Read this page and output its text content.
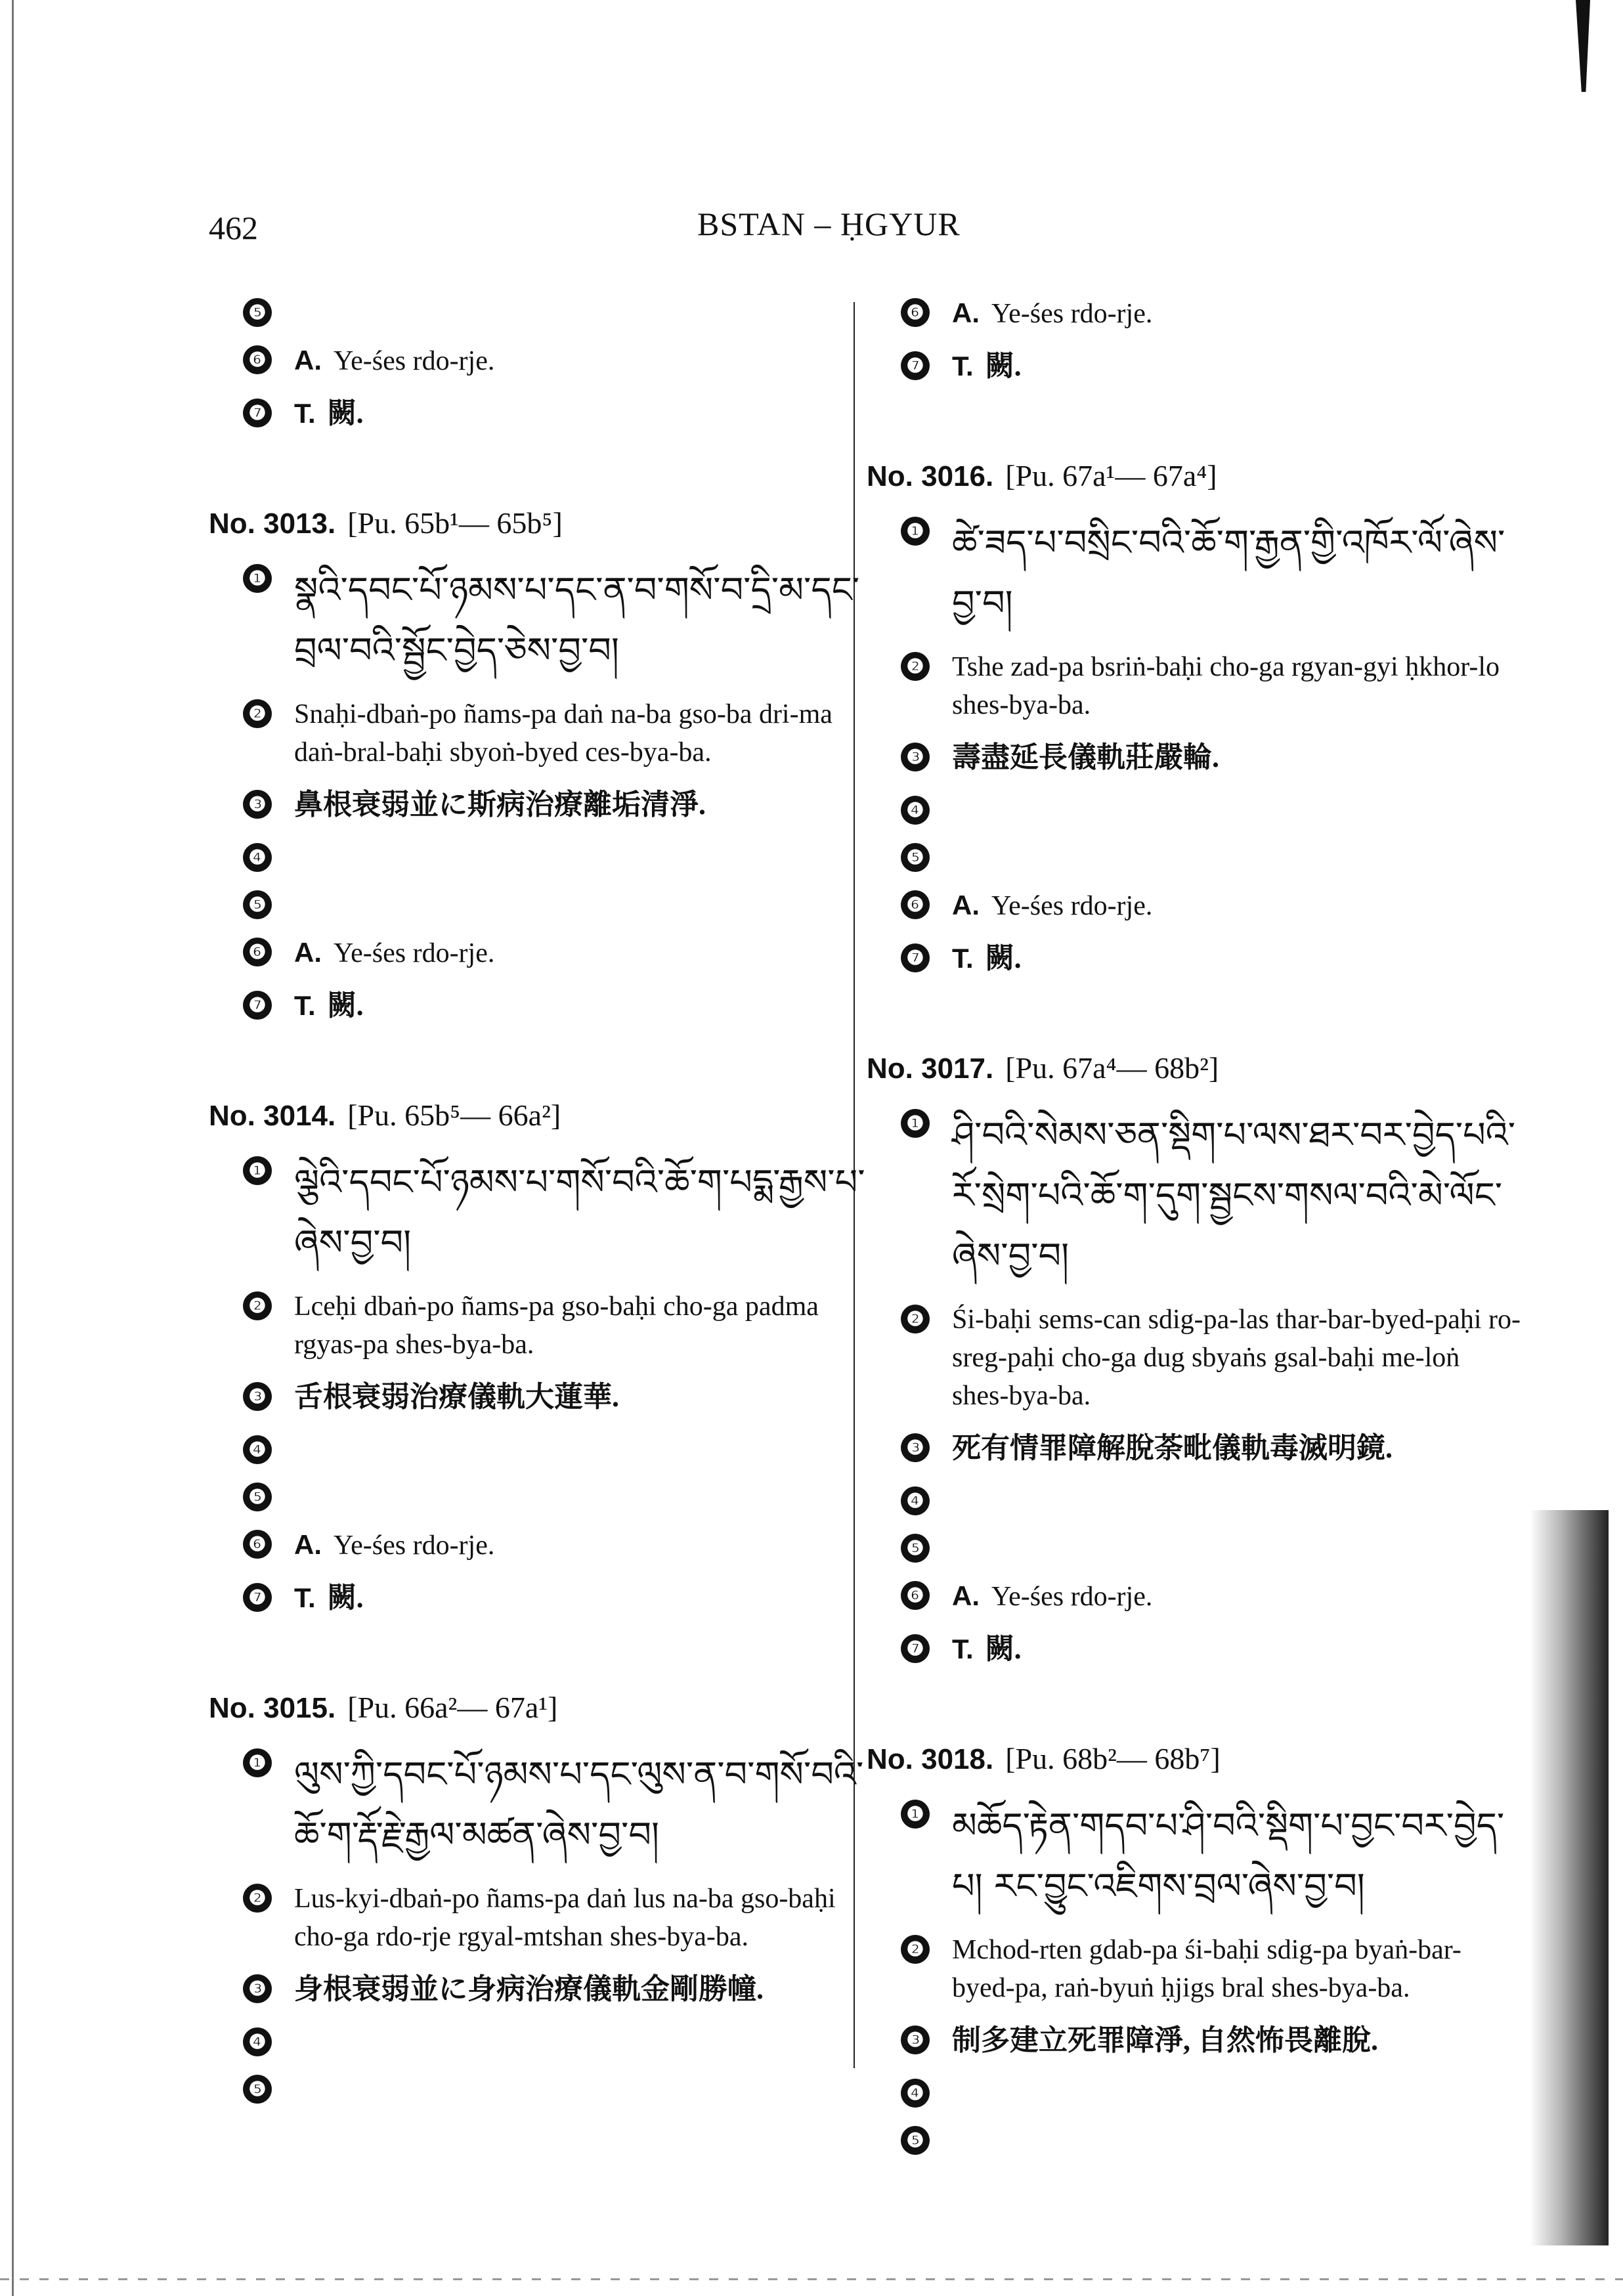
462	BSTAN – ḤGYUR
❺
❻ A. Ye-śes rdo-rje.
❼ T. 闕.
No. 3013. [Pu. 65b¹— 65b⁵]
❶ སྣའི་དབང་པོ་ཉམས་པ་དང་ན་བ་གསོ་བ་དྲི་མ་དང་བྲལ་བའི་སྦྱོང་བྱེད་ཅེས་བྱ་བ།
❷ Snaḥi-dbaṅ-po ñams-pa daṅ na-ba gso-ba dri-ma daṅ-bral-baḥi sbyoṅ-byed ces-bya-ba.
❸ 鼻根衰弱並に斯病治療離垢清淨.
❹
❺
❻ A. Ye-śes rdo-rje.
❼ T. 闕.
No. 3014. [Pu. 65b⁵— 66a²]
❶ ལྕེའི་དབང་པོ་ཉམས་པ་གསོ་བའི་ཆོ་ག་པདྨ་རྒྱས་པ་ཞེས་བྱ་བ།
❷ Lceḥi dbaṅ-po ñams-pa gso-baḥi cho-ga padma rgyas-pa shes-bya-ba.
❸ 舌根衰弱治療儀軌大蓮華.
❹
❺
❻ A. Ye-śes rdo-rje.
❼ T. 闕.
No. 3015. [Pu. 66a²— 67a¹]
❶ ལུས་ཀྱི་དབང་པོ་ཉམས་པ་དང་ལུས་ན་བ་གསོ་བའི་ཆོ་ག་རྡོ་རྗེ་རྒྱལ་མཚན་ཞེས་བྱ་བ།
❷ Lus-kyi-dbaṅ-po ñams-pa daṅ lus na-ba gso-baḥi cho-ga rdo-rje rgyal-mtshan shes-bya-ba.
❸ 身根衰弱並に身病治療儀軌金剛勝幢.
❹
❺
❻ A. Ye-śes rdo-rje.
❼ T. 闕.
No. 3016. [Pu. 67a¹— 67a⁴]
❶ ཚེ་ཟད་པ་བསྲིང་བའི་ཆོ་ག་རྒྱན་གྱི་འཁོར་ལོ་ཞེས་བྱ་བ།
❷ Tshe zad-pa bsriṅ-baḥi cho-ga rgyan-gyi ḥkhor-lo shes-bya-ba.
❸ 壽盡延長儀軌莊嚴輪.
❹
❺
❻ A. Ye-śes rdo-rje.
❼ T. 闕.
No. 3017. [Pu. 67a⁴— 68b²]
❶ ཤི་བའི་སེམས་ཅན་སྡིག་པ་ལས་ཐར་བར་བྱེད་པའི་རོ་སྲེག་པའི་ཆོ་ག་དུག་སྦྱངས་གསལ་བའི་མེ་ལོང་ཞེས་བྱ་བ།
❷ Śi-baḥi sems-can sdig-pa-las thar-bar-byed-paḥi ro-sreg-paḥi cho-ga dug sbyaṅs gsal-baḥi me-loṅ shes-bya-ba.
❸ 死有情罪障解脫荼毗儀軌毒滅明鏡.
❹
❺
❻ A. Ye-śes rdo-rje.
❼ T. 闕.
No. 3018. [Pu. 68b²— 68b⁷]
❶ མཆོད་རྟེན་གདབ་པ་ཤི་བའི་སྡིག་པ་བྱང་བར་བྱེད་པ། རང་བྱུང་འཇིགས་བྲལ་ཞེས་བྱ་བ།
❷ Mchod-rten gdab-pa śi-baḥi sdig-pa byaṅ-bar-byed-pa, raṅ-byuṅ ḥjigs bral shes-bya-ba.
❸ 制多建立死罪障淨, 自然怖畏離脫.
❹
❺
